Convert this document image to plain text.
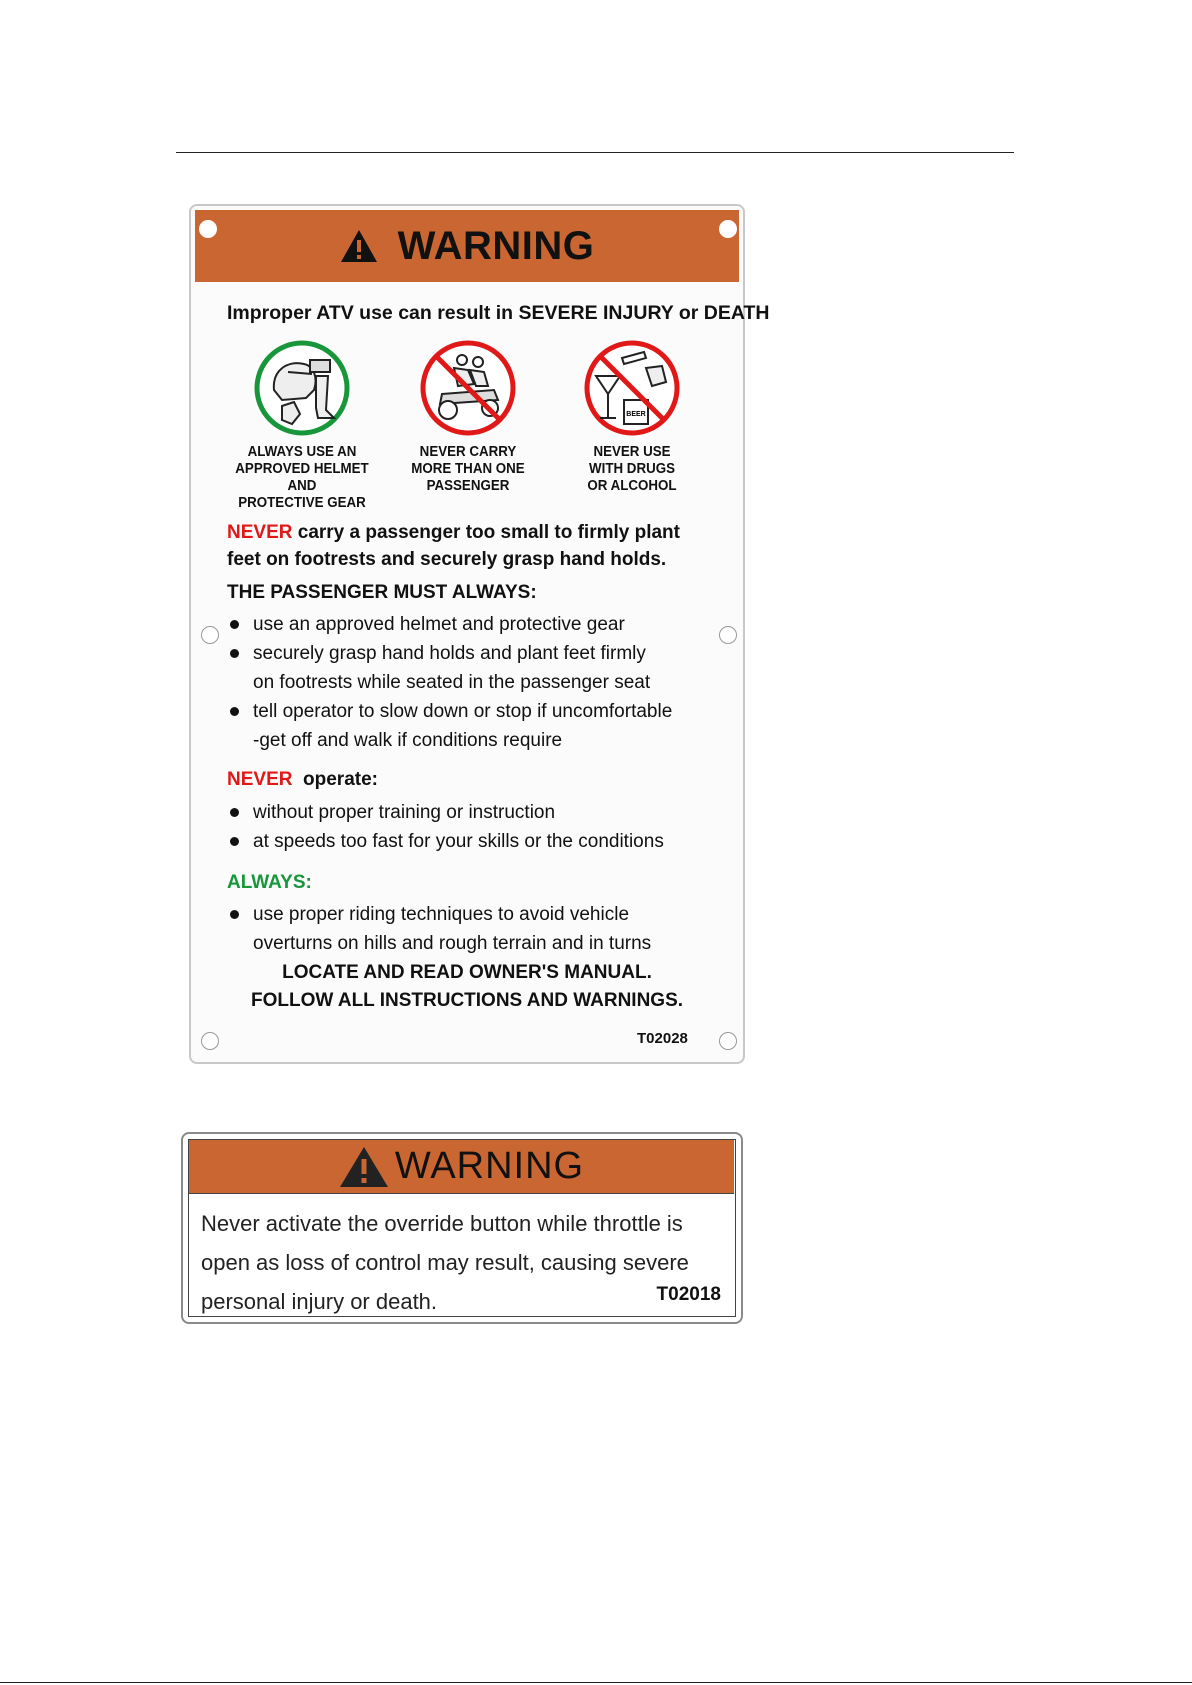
WARNING
Improper ATV use can result in SEVERE INJURY or DEATH
ALWAYS USE AN
APPROVED HELMET AND
PROTECTIVE GEAR
NEVER CARRY
MORE THAN ONE
PASSENGER
BEER
NEVER USE
WITH DRUGS
OR ALCOHOL
NEVER carry a passenger too small to firmly plant
feet on footrests and securely grasp hand holds.
THE PASSENGER MUST ALWAYS:
use an approved helmet and protective gear
securely grasp hand holds and plant feet firmly
on footrests while seated in the passenger seat
tell operator to slow down or stop if uncomfortable
-get off and walk if conditions require
NEVER operate:
without proper training or instruction
at speeds too fast for your skills or the conditions
ALWAYS:
use proper riding techniques to avoid vehicle
overturns on hills and rough terrain and in turns
LOCATE AND READ OWNER'S MANUAL.
FOLLOW ALL INSTRUCTIONS AND WARNINGS.
T02028
WARNING
Never activate the override button while throttle is
open as loss of control may result, causing severe
personal injury or death.	T02018
